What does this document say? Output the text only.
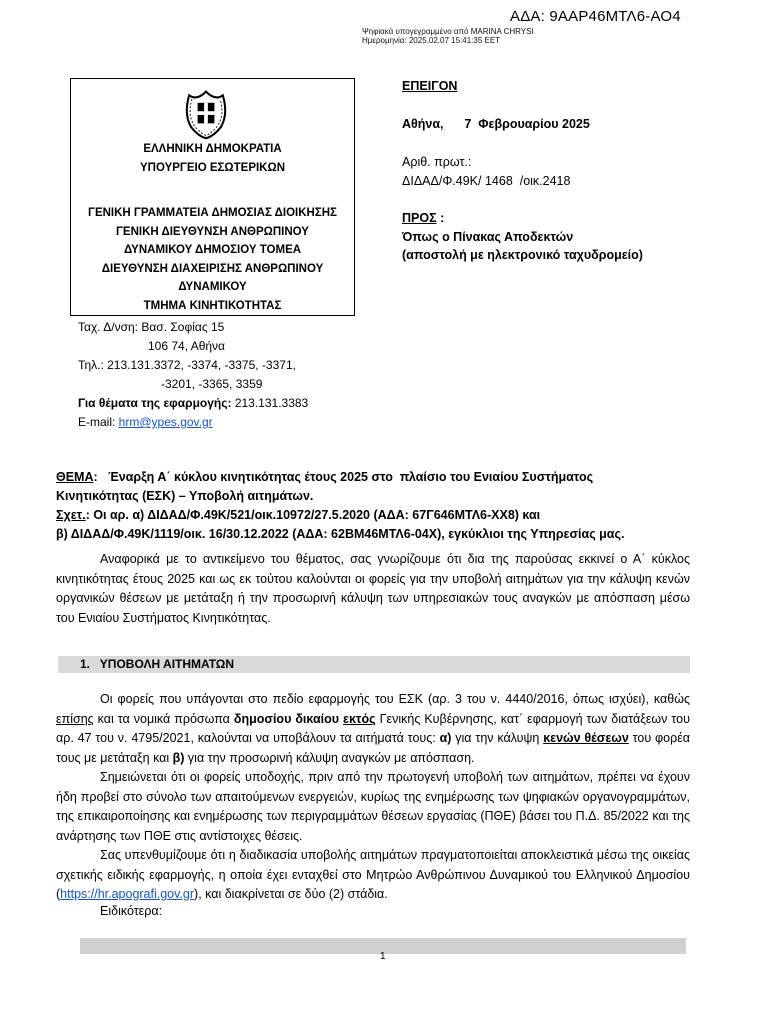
ΑΔΑ: 9ΑΑΡ46ΜΤΛ6-ΑΟ4
Ψηφιακά υπογεγραμμένο από MARINA CHRYSI
Ημερομηνία: 2025.02.07 15:41:35 EET
ΕΛΛΗΝΙΚΗ ΔΗΜΟΚΡΑΤΙΑ
ΥΠΟΥΡΓΕΙΟ ΕΣΩΤΕΡΙΚΩΝ
ΓΕΝΙΚΗ ΓΡΑΜΜΑΤΕΙΑ ΔΗΜΟΣΙΑΣ ΔΙΟΙΚΗΣΗΣ
ΓΕΝΙΚΗ ΔΙΕΥΘΥΝΣΗ ΑΝΘΡΩΠΙΝΟΥ
ΔΥΝΑΜΙΚΟΥ ΔΗΜΟΣΙΟΥ ΤΟΜΕΑ
ΔΙΕΥΘΥΝΣΗ ΔΙΑΧΕΙΡΙΣΗΣ ΑΝΘΡΩΠΙΝΟΥ
ΔΥΝΑΜΙΚΟΥ
ΤΜΗΜΑ ΚΙΝΗΤΙΚΟΤΗΤΑΣ
Ταχ. Δ/νση: Βασ. Σοφίας 15
106 74, Αθήνα
Τηλ.: 213.131.3372, -3374, -3375, -3371,
-3201, -3365, 3359
Για θέματα της εφαρμογής: 213.131.3383
E-mail: hrm@ypes.gov.gr
ΕΠΕΙΓΟΝ
Αθήνα,      7  Φεβρουαρίου 2025
Αριθ. πρωτ.:
ΔΙΔΑΔ/Φ.49Κ/ 1468  /οικ.2418
ΠΡΟΣ :
Όπως ο Πίνακας Αποδεκτών
(αποστολή με ηλεκτρονικό ταχυδρομείο)
ΘΕΜΑ:   Έναρξη Α΄ κύκλου κινητικότητας έτους 2025 στο  πλαίσιο του Ενιαίου Συστήματος
Κινητικότητας (ΕΣΚ) – Υποβολή αιτημάτων.
Σχετ.: Οι αρ. α) ΔΙΔΑΔ/Φ.49Κ/521/οικ.10972/27.5.2020 (ΑΔΑ: 67Γ646ΜΤΛ6-ΧΧ8) και
β) ΔΙΔΑΔ/Φ.49Κ/1119/οικ. 16/30.12.2022 (ΑΔΑ: 62ΒΜ46ΜΤΛ6-04Χ), εγκύκλιοι της Υπηρεσίας μας.
Αναφορικά με το αντικείμενο του θέματος, σας γνωρίζουμε ότι δια της παρούσας εκκινεί ο Α΄ κύκλος κινητικότητας έτους 2025 και ως εκ τούτου καλούνται οι φορείς για την υποβολή αιτημάτων για την κάλυψη κενών οργανικών θέσεων με μετάταξη ή την προσωρινή κάλυψη των υπηρεσιακών τους αναγκών με απόσπαση μέσω του Ενιαίου Συστήματος Κινητικότητας.
1.   ΥΠΟΒΟΛΗ ΑΙΤΗΜΑΤΩΝ
Οι φορείς που υπάγονται στο πεδίο εφαρμογής του ΕΣΚ (αρ. 3 του ν. 4440/2016, όπως ισχύει), καθώς επίσης και τα νομικά πρόσωπα δημοσίου δικαίου εκτός Γενικής Κυβέρνησης, κατ΄ εφαρμογή των διατάξεων του αρ. 47 του ν. 4795/2021, καλούνται να υποβάλουν τα αιτήματά τους: α) για την κάλυψη κενών θέσεων του φορέα τους με μετάταξη και β) για την προσωρινή κάλυψη αναγκών με απόσπαση.
Σημειώνεται ότι οι φορείς υποδοχής, πριν από την πρωτογενή υποβολή των αιτημάτων, πρέπει να έχουν ήδη προβεί στο σύνολο των απαιτούμενων ενεργειών, κυρίως της ενημέρωσης των ψηφιακών οργανογραμμάτων, της επικαιροποίησης και ενημέρωσης των περιγραμμάτων θέσεων εργασίας (ΠΘΕ) βάσει του Π.Δ. 85/2022 και της ανάρτησης των ΠΘΕ στις αντίστοιχες θέσεις.
Σας υπενθυμίζουμε ότι η διαδικασία υποβολής αιτημάτων πραγματοποιείται αποκλειστικά μέσω της οικείας σχετικής ειδικής εφαρμογής, η οποία έχει ενταχθεί στο Μητρώο Ανθρώπινου Δυναμικού του Ελληνικού Δημοσίου (https://hr.apografi.gov.gr), και διακρίνεται σε δύο (2) στάδια.
Ειδικότερα:
1
